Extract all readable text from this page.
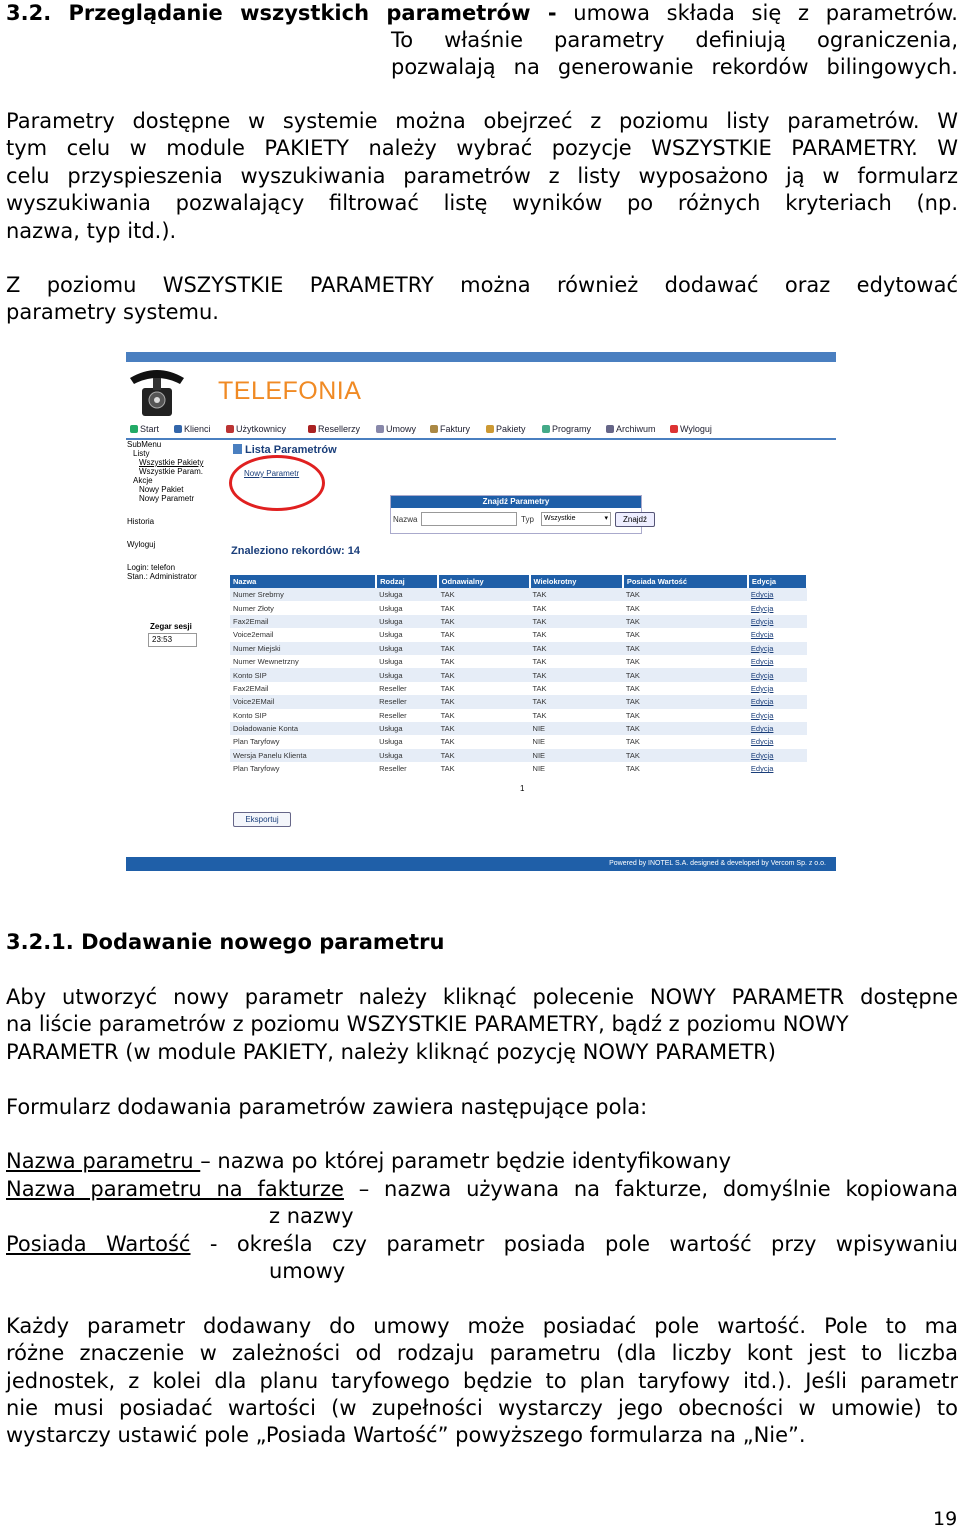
3.2. Przeglądanie wszystkich parametrów - umowa składa się z parametrów.
To właśnie parametry definiują ograniczenia,
pozwalają na generowanie rekordów bilingowych.
Parametry dostępne w systemie można obejrzeć z poziomu listy parametrów. W
tym celu w module PAKIETY należy wybrać pozycje WSZYSTKIE PARAMETRY. W
celu przyspieszenia wyszukiwania parametrów z listy wyposażono ją w formularz
wyszukiwania pozwalający filtrować listę wyników po różnych kryteriach (np.
nazwa, typ itd.).
Z poziomu WSZYSTKIE PARAMETRY można również dodawać oraz edytować
parametry systemu.
TELEFONIA
Start	Klienci	Użytkownicy	Resellerzy	Umowy	Faktury	Pakiety	Programy	Archiwum	Wyloguj
SubMenu
Listy
Wszystkie Pakiety
Wszystkie Param.
Akcje
Nowy Pakiet
Nowy Parametr
Historia
Wyloguj
Login: telefon
Stan.: Administrator
Zegar sesji
23:53
Lista Parametrów
Nowy Parametr
Znajdź Parametry
Nazwa	Typ	Wszystkie	▾	Znajdź
Znaleziono rekordów: 14
Nazwa	Rodzaj	Odnawialny	Wielokrotny	Posiada Wartość	Edycja
Numer Srebrny	Usługa	TAK	TAK	TAK	Edycja
Numer Złoty	Usługa	TAK	TAK	TAK	Edycja
Fax2Email	Usługa	TAK	TAK	TAK	Edycja
Voice2email	Usługa	TAK	TAK	TAK	Edycja
Numer Miejski	Usługa	TAK	TAK	TAK	Edycja
Numer Wewnetrzny	Usługa	TAK	TAK	TAK	Edycja
Konto SIP	Usługa	TAK	TAK	TAK	Edycja
Fax2EMail	Reseller	TAK	TAK	TAK	Edycja
Voice2EMail	Reseller	TAK	TAK	TAK	Edycja
Konto SIP	Reseller	TAK	TAK	TAK	Edycja
Doładowanie Konta	Usługa	TAK	NIE	TAK	Edycja
Plan Taryfowy	Usługa	TAK	NIE	TAK	Edycja
Wersja Panelu Klienta	Usługa	TAK	NIE	TAK	Edycja
Plan Taryfowy	Reseller	TAK	NIE	TAK	Edycja
1
Eksportuj
Powered by INOTEL S.A. designed & developed by Vercom Sp. z o.o.
3.2.1. Dodawanie nowego parametru
Aby utworzyć nowy parametr należy kliknąć polecenie NOWY PARAMETR dostępne
na liście parametrów z poziomu WSZYSTKIE PARAMETRY, bądź z poziomu NOWY
PARAMETR (w module PAKIETY, należy kliknąć pozycję NOWY PARAMETR)
Formularz dodawania parametrów zawiera następujące pola:
Nazwa parametru – nazwa po której parametr będzie identyfikowany
Nazwa parametru na fakturze – nazwa używana na fakturze, domyślnie kopiowana
z nazwy
Posiada Wartość - określa czy parametr posiada pole wartość przy wpisywaniu
umowy
Każdy parametr dodawany do umowy może posiadać pole wartość. Pole to ma
różne znaczenie w zależności od rodzaju parametru (dla liczby kont jest to liczba
jednostek, z kolei dla planu taryfowego będzie to plan taryfowy itd.). Jeśli parametr
nie musi posiadać wartości (w zupełności wystarczy jego obecności w umowie) to
wystarczy ustawić pole „Posiada Wartość” powyższego formularza na „Nie”.
19
